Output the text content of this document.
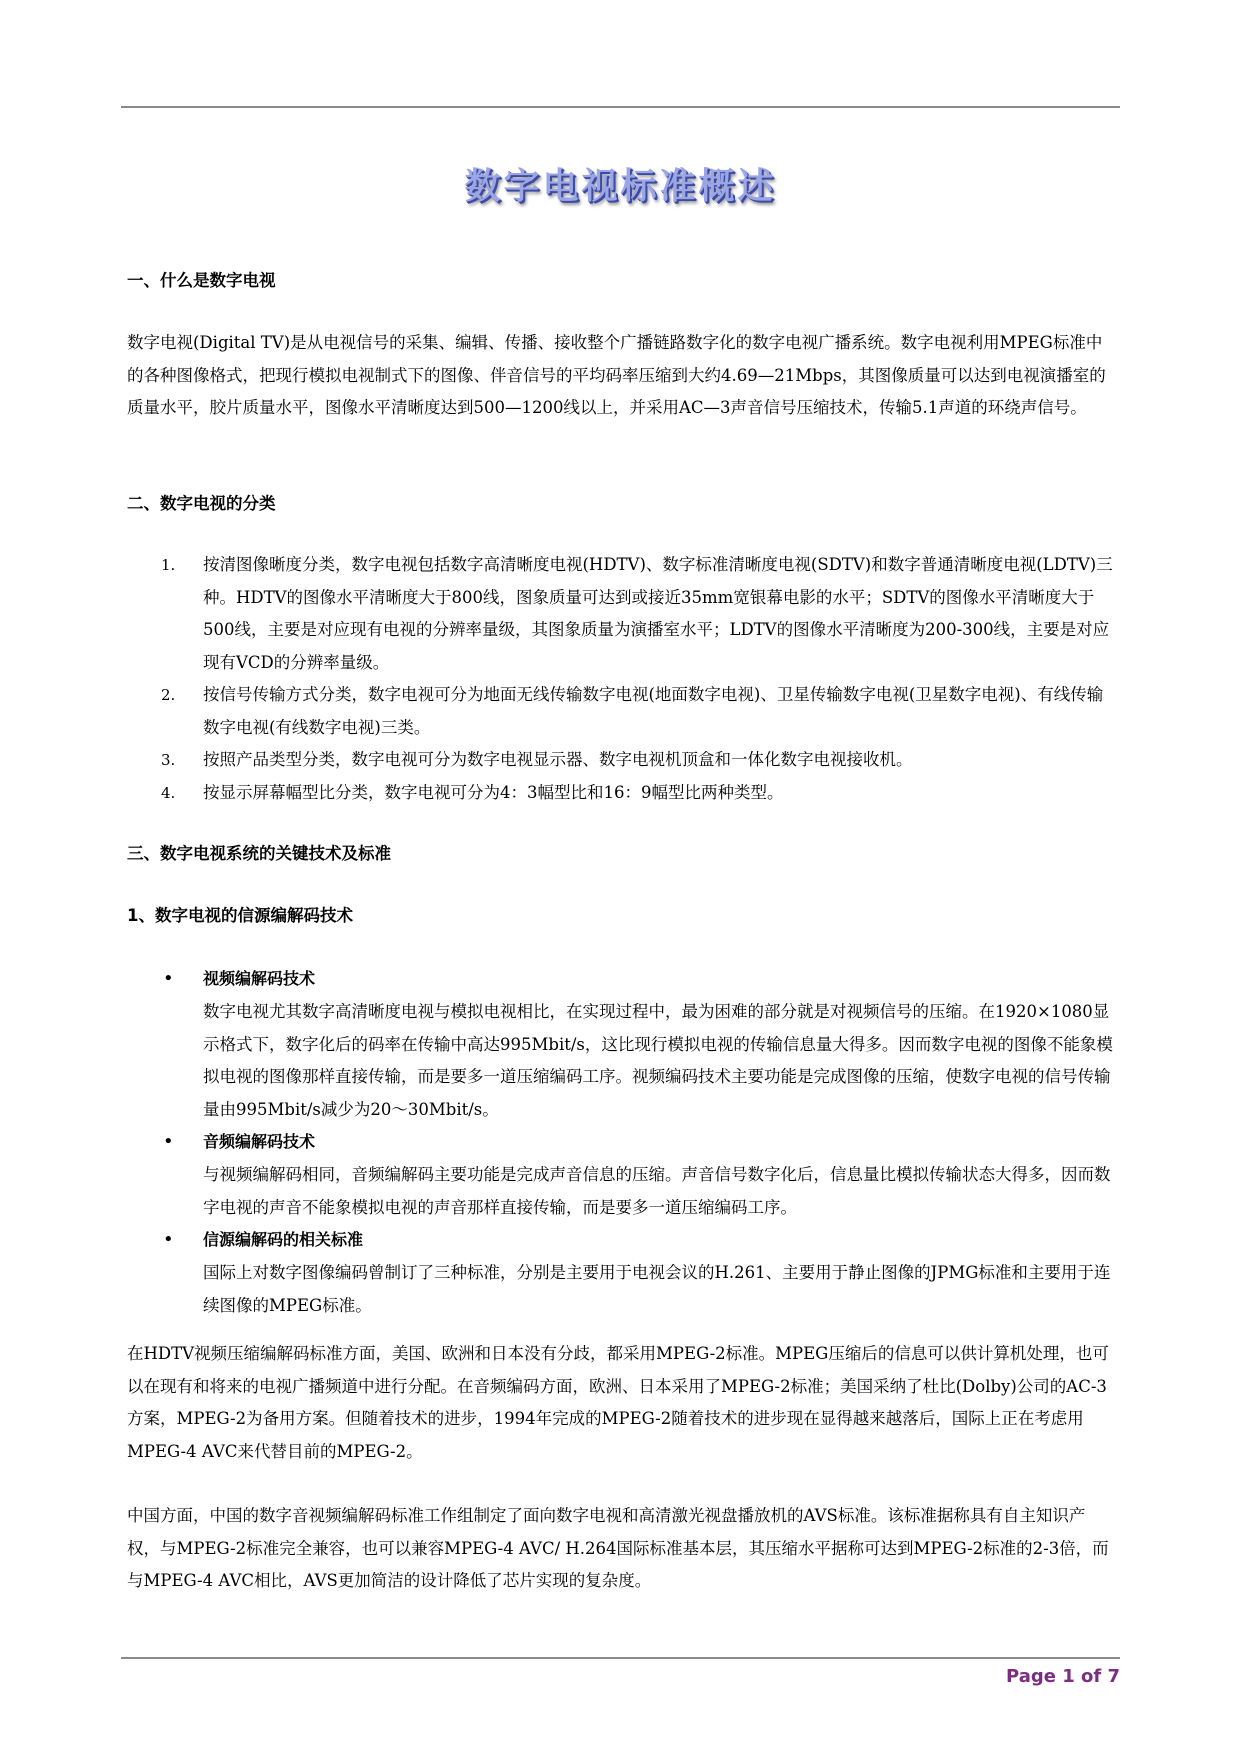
数字电视标准概述
一、什么是数字电视
数字电视(Digital TV)是从电视信号的采集、编辑、传播、接收整个广播链路数字化的数字电视广播系统。数字电视利用MPEG标准中的各种图像格式，把现行模拟电视制式下的图像、伴音信号的平均码率压缩到大约4.69—21Mbps，其图像质量可以达到电视演播室的质量水平，胶片质量水平，图像水平清晰度达到500—1200线以上，并采用AC—3声音信号压缩技术，传输5.1声道的环绕声信号。
二、数字电视的分类
1. 按清图像晰度分类，数字电视包括数字高清晰度电视(HDTV)、数字标准清晰度电视(SDTV)和数字普通清晰度电视(LDTV)三种。HDTV的图像水平清晰度大于800线，图象质量可达到或接近35mm宽银幕电影的水平；SDTV的图像水平清晰度大于500线，主要是对应现有电视的分辨率量级，其图象质量为演播室水平；LDTV的图像水平清晰度为200-300线，主要是对应现有VCD的分辨率量级。
2. 按信号传输方式分类，数字电视可分为地面无线传输数字电视(地面数字电视)、卫星传输数字电视(卫星数字电视)、有线传输数字电视(有线数字电视)三类。
3. 按照产品类型分类，数字电视可分为数字电视显示器、数字电视机顶盒和一体化数字电视接收机。
4. 按显示屏幕幅型比分类，数字电视可分为4：3幅型比和16：9幅型比两种类型。
三、数字电视系统的关键技术及标准
1、数字电视的信源编解码技术
• 视频编解码技术
数字电视尤其数字高清晰度电视与模拟电视相比，在实现过程中，最为困难的部分就是对视频信号的压缩。在1920×1080显示格式下，数字化后的码率在传输中高达995Mbit/s，这比现行模拟电视的传输信息量大得多。因而数字电视的图像不能象模拟电视的图像那样直接传输，而是要多一道压缩编码工序。视频编码技术主要功能是完成图像的压缩，使数字电视的信号传输量由995Mbit/s减少为20～30Mbit/s。
• 音频编解码技术
与视频编解码相同，音频编解码主要功能是完成声音信息的压缩。声音信号数字化后，信息量比模拟传输状态大得多，因而数字电视的声音不能象模拟电视的声音那样直接传输，而是要多一道压缩编码工序。
• 信源编解码的相关标准
国际上对数字图像编码曾制订了三种标准，分别是主要用于电视会议的H.261、主要用于静止图像的JPMG标准和主要用于连续图像的MPEG标准。
在HDTV视频压缩编解码标准方面，美国、欧洲和日本没有分歧，都采用MPEG-2标准。MPEG压缩后的信息可以供计算机处理，也可以在现有和将来的电视广播频道中进行分配。在音频编码方面，欧洲、日本采用了MPEG-2标准；美国采纳了杜比(Dolby)公司的AC-3方案，MPEG-2为备用方案。但随着技术的进步，1994年完成的MPEG-2随着技术的进步现在显得越来越落后，国际上正在考虑用MPEG-4 AVC来代替目前的MPEG-2。
中国方面，中国的数字音视频编解码标准工作组制定了面向数字电视和高清激光视盘播放机的AVS标准。该标准据称具有自主知识产权，与MPEG-2标准完全兼容，也可以兼容MPEG-4 AVC/ H.264国际标准基本层，其压缩水平据称可达到MPEG-2标准的2-3倍，而与MPEG-4 AVC相比，AVS更加简洁的设计降低了芯片实现的复杂度。
Page 1 of 7
